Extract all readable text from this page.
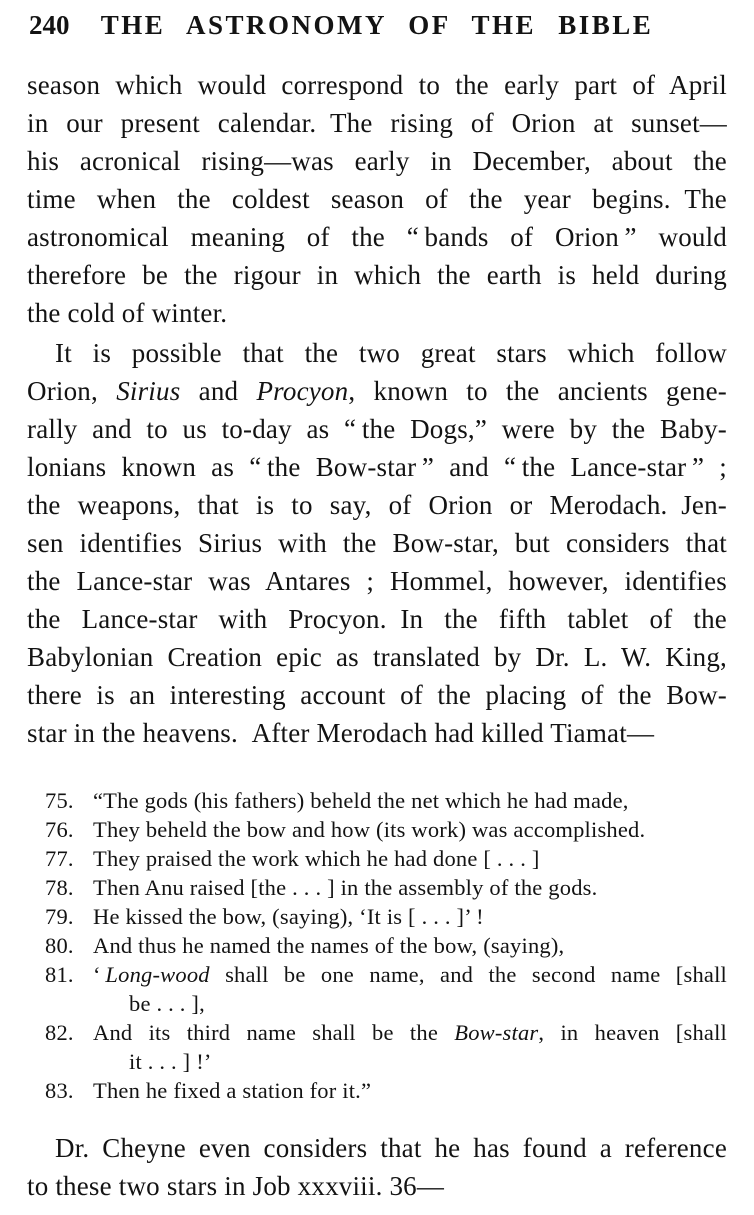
240	THE ASTRONOMY OF THE BIBLE
season which would correspond to the early part of April
in our present calendar. The rising of Orion at sunset—
his acronical rising—was early in December, about the
time when the coldest season of the year begins. The
astronomical meaning of the “ bands of Orion ” would
therefore be the rigour in which the earth is held during
the cold of winter.
It is possible that the two great stars which follow
Orion, Sirius and Procyon, known to the ancients gene-
rally and to us to-day as “ the Dogs,” were by the Baby-
lonians known as “ the Bow-star ” and “ the Lance-star ” ;
the weapons, that is to say, of Orion or Merodach. Jen-
sen identifies Sirius with the Bow-star, but considers that
the Lance-star was Antares ; Hommel, however, identifies
the Lance-star with Procyon. In the fifth tablet of the
Babylonian Creation epic as translated by Dr. L. W. King,
there is an interesting account of the placing of the Bow-
star in the heavens. After Merodach had killed Tiamat—
75. “The gods (his fathers) beheld the net which he had made,
76. They beheld the bow and how (its work) was accomplished.
77. They praised the work which he had done [ . . . ]
78. Then Anu raised [the . . . ] in the assembly of the gods.
79. He kissed the bow, (saying), ‘It is [ . . . ]’ !
80. And thus he named the names of the bow, (saying),
81. ‘ Long-wood shall be one name, and the second name [shall
be . . . ],
82. And its third name shall be the Bow-star, in heaven [shall
it . . . ] !’
83. Then he fixed a station for it.”
Dr. Cheyne even considers that he has found a reference
to these two stars in Job xxxviii. 36—
